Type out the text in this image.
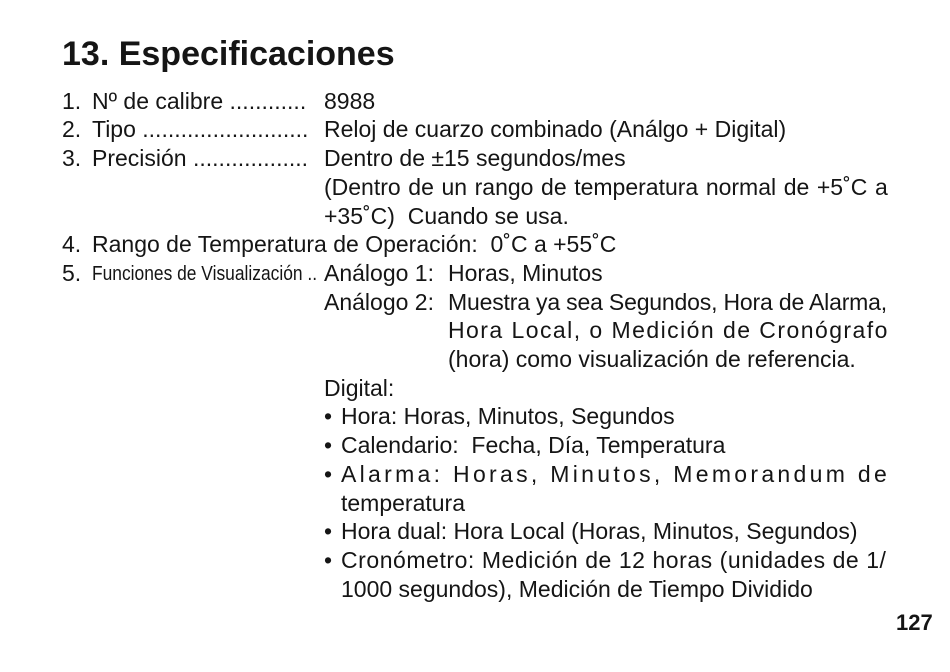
13. Especificaciones
1. Nº de calibre ............ 8988
2. Tipo .......................... Reloj de cuarzo combinado (Análgo + Digital)
3. Precisión .................. Dentro de ±15 segundos/mes
(Dentro de un rango de temperatura normal de +5˚C a
+35˚C)  Cuando se usa.
4. Rango de Temperatura de Operación:  0˚C a +55˚C
5. Funciones de Visualización .. Análogo 1: Horas, Minutos
Análogo 2: Muestra ya sea Segundos, Hora de Alarma,
Hora Local, o Medición de Cronógrafo
(hora) como visualización de referencia.
Digital:
• Hora: Horas, Minutos, Segundos
• Calendario:  Fecha, Día, Temperatura
• Alarma: Horas, Minutos, Memorandum de
temperatura
• Hora dual: Hora Local (Horas, Minutos, Segundos)
• Cronómetro: Medición de 12 horas (unidades de 1/
1000 segundos), Medición de Tiempo Dividido
127
